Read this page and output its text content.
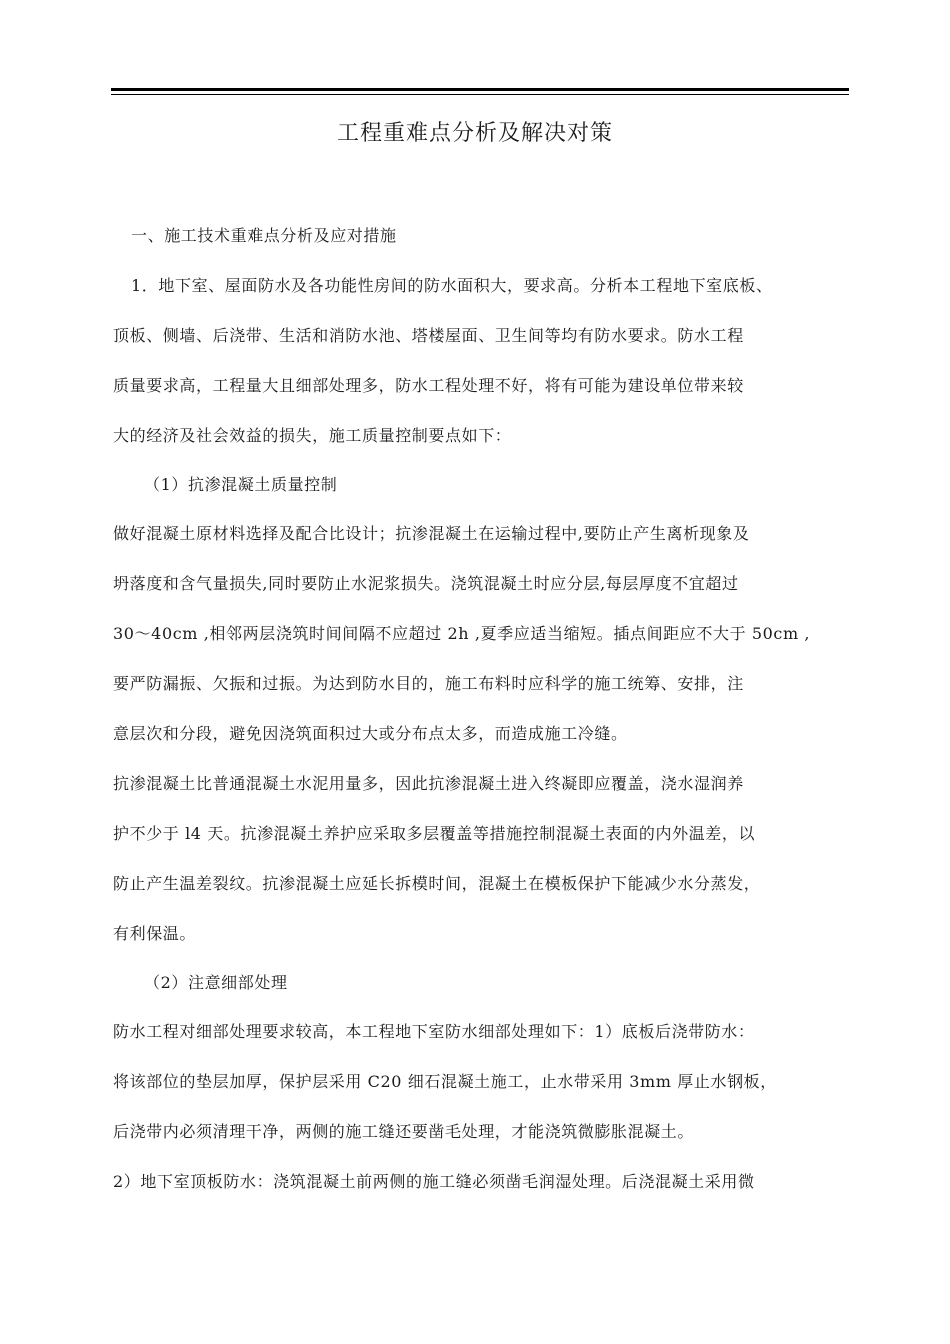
工程重难点分析及解决对策
一、施工技术重难点分析及应对措施
1．地下室、屋面防水及各功能性房间的防水面积大，要求高。分析本工程地下室底板、
顶板、侧墙、后浇带、生活和消防水池、塔楼屋面、卫生间等均有防水要求。防水工程
质量要求高，工程量大且细部处理多，防水工程处理不好，将有可能为建设单位带来较
大的经济及社会效益的损失，施工质量控制要点如下：
（1）抗渗混凝土质量控制
做好混凝土原材料选择及配合比设计；抗渗混凝土在运输过程中,要防止产生离析现象及
坍落度和含气量损失,同时要防止水泥浆损失。浇筑混凝土时应分层,每层厚度不宜超过
30～40cm ,相邻两层浇筑时间间隔不应超过 2h ,夏季应适当缩短。插点间距应不大于 50cm ,
要严防漏振、欠振和过振。为达到防水目的，施工布料时应科学的施工统筹、安排，注
意层次和分段，避免因浇筑面积过大或分布点太多，而造成施工冷缝。
抗渗混凝土比普通混凝土水泥用量多，因此抗渗混凝土进入终凝即应覆盖，浇水湿润养
护不少于 l4 天。抗渗混凝土养护应采取多层覆盖等措施控制混凝土表面的内外温差，以
防止产生温差裂纹。抗渗混凝土应延长拆模时间，混凝土在模板保护下能减少水分蒸发，
有利保温。
（2）注意细部处理
防水工程对细部处理要求较高，本工程地下室防水细部处理如下：1）底板后浇带防水：
将该部位的垫层加厚，保护层采用 C20 细石混凝土施工，止水带采用 3mm 厚止水钢板，
后浇带内必须清理干净，两侧的施工缝还要凿毛处理，才能浇筑微膨胀混凝土。
2）地下室顶板防水：浇筑混凝土前两侧的施工缝必须凿毛润湿处理。后浇混凝土采用微
